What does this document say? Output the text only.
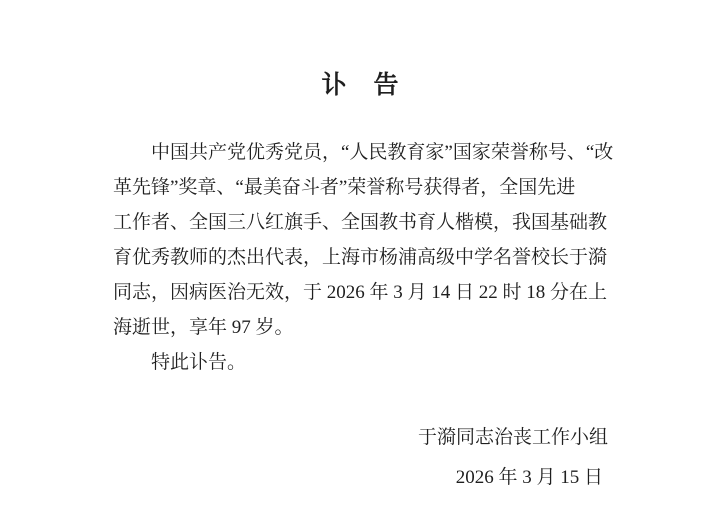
讣　告
中国共产党优秀党员，“人民教育家”国家荣誉称号、“改
革先锋”奖章、“最美奋斗者”荣誉称号获得者，全国先进
工作者、全国三八红旗手、全国教书育人楷模，我国基础教
育优秀教师的杰出代表，上海市杨浦高级中学名誉校长于漪
同志，因病医治无效，于 2026 年 3 月 14 日 22 时 18 分在上
海逝世，享年 97 岁。
特此讣告。
于漪同志治丧工作小组
2026 年 3 月 15 日
